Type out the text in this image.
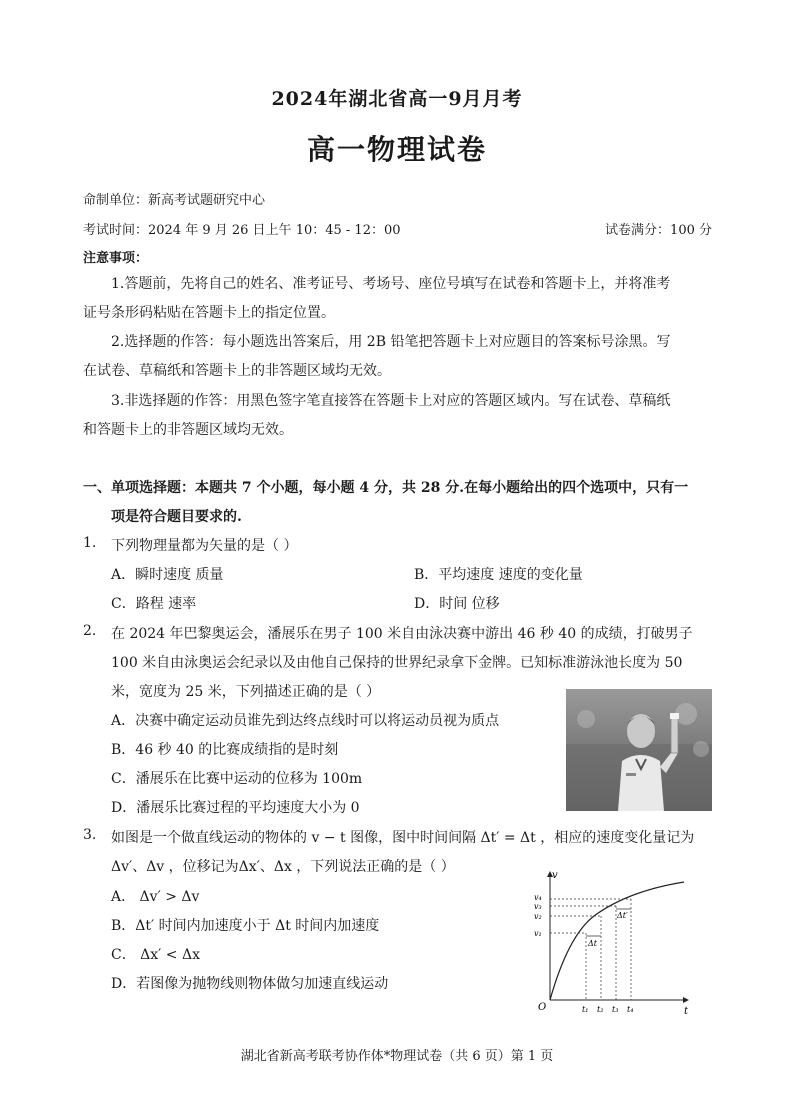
2024年湖北省高一9月月考
高一物理试卷
命制单位：新高考试题研究中心
考试时间：2024 年 9 月 26 日上午 10：45 - 12：00	试卷满分：100 分
注意事项：
1.答题前，先将自己的姓名、准考证号、考场号、座位号填写在试卷和答题卡上，并将准考
证号条形码粘贴在答题卡上的指定位置。
2.选择题的作答：每小题选出答案后，用 2B 铅笔把答题卡上对应题目的答案标号涂黑。写
在试卷、草稿纸和答题卡上的非答题区域均无效。
3.非选择题的作答：用黑色签字笔直接答在答题卡上对应的答题区域内。写在试卷、草稿纸
和答题卡上的非答题区域均无效。
一、单项选择题：本题共 7 个小题，每小题 4 分，共 28 分.在每小题给出的四个选项中，只有一
项是符合题目要求的.
1. 下列物理量都为矢量的是（ ）
A．瞬时速度 质量	B．平均速度 速度的变化量
C．路程 速率	D．时间 位移
2. 在 2024 年巴黎奥运会，潘展乐在男子 100 米自由泳决赛中游出 46 秒 40 的成绩，打破男子
100 米自由泳奥运会纪录以及由他自己保持的世界纪录拿下金牌。已知标准游泳池长度为 50
米，宽度为 25 米，下列描述正确的是（ ）
A．决赛中确定运动员谁先到达终点线时可以将运动员视为质点
B．46 秒 40 的比赛成绩指的是时刻
C．潘展乐在比赛中运动的位移为 100m
D．潘展乐比赛过程的平均速度大小为 0
3. 如图是一个做直线运动的物体的 v − t 图像，图中时间间隔 Δt′ = Δt ，相应的速度变化量记为
Δv′、Δv ，位移记为Δx′、Δx ，下列说法正确的是（ ）
A． Δv′ > Δv
B．Δt′ 时间内加速度小于 Δt 时间内加速度
C． Δx′ < Δx
D．若图像为抛物线则物体做匀加速直线运动
Δt
Δt′
v
t
O
v₁
v₂
v₃
v₄
t₁ t₂ t₃ t₄
湖北省新高考联考协作体*物理试卷（共 6 页）第 1 页
